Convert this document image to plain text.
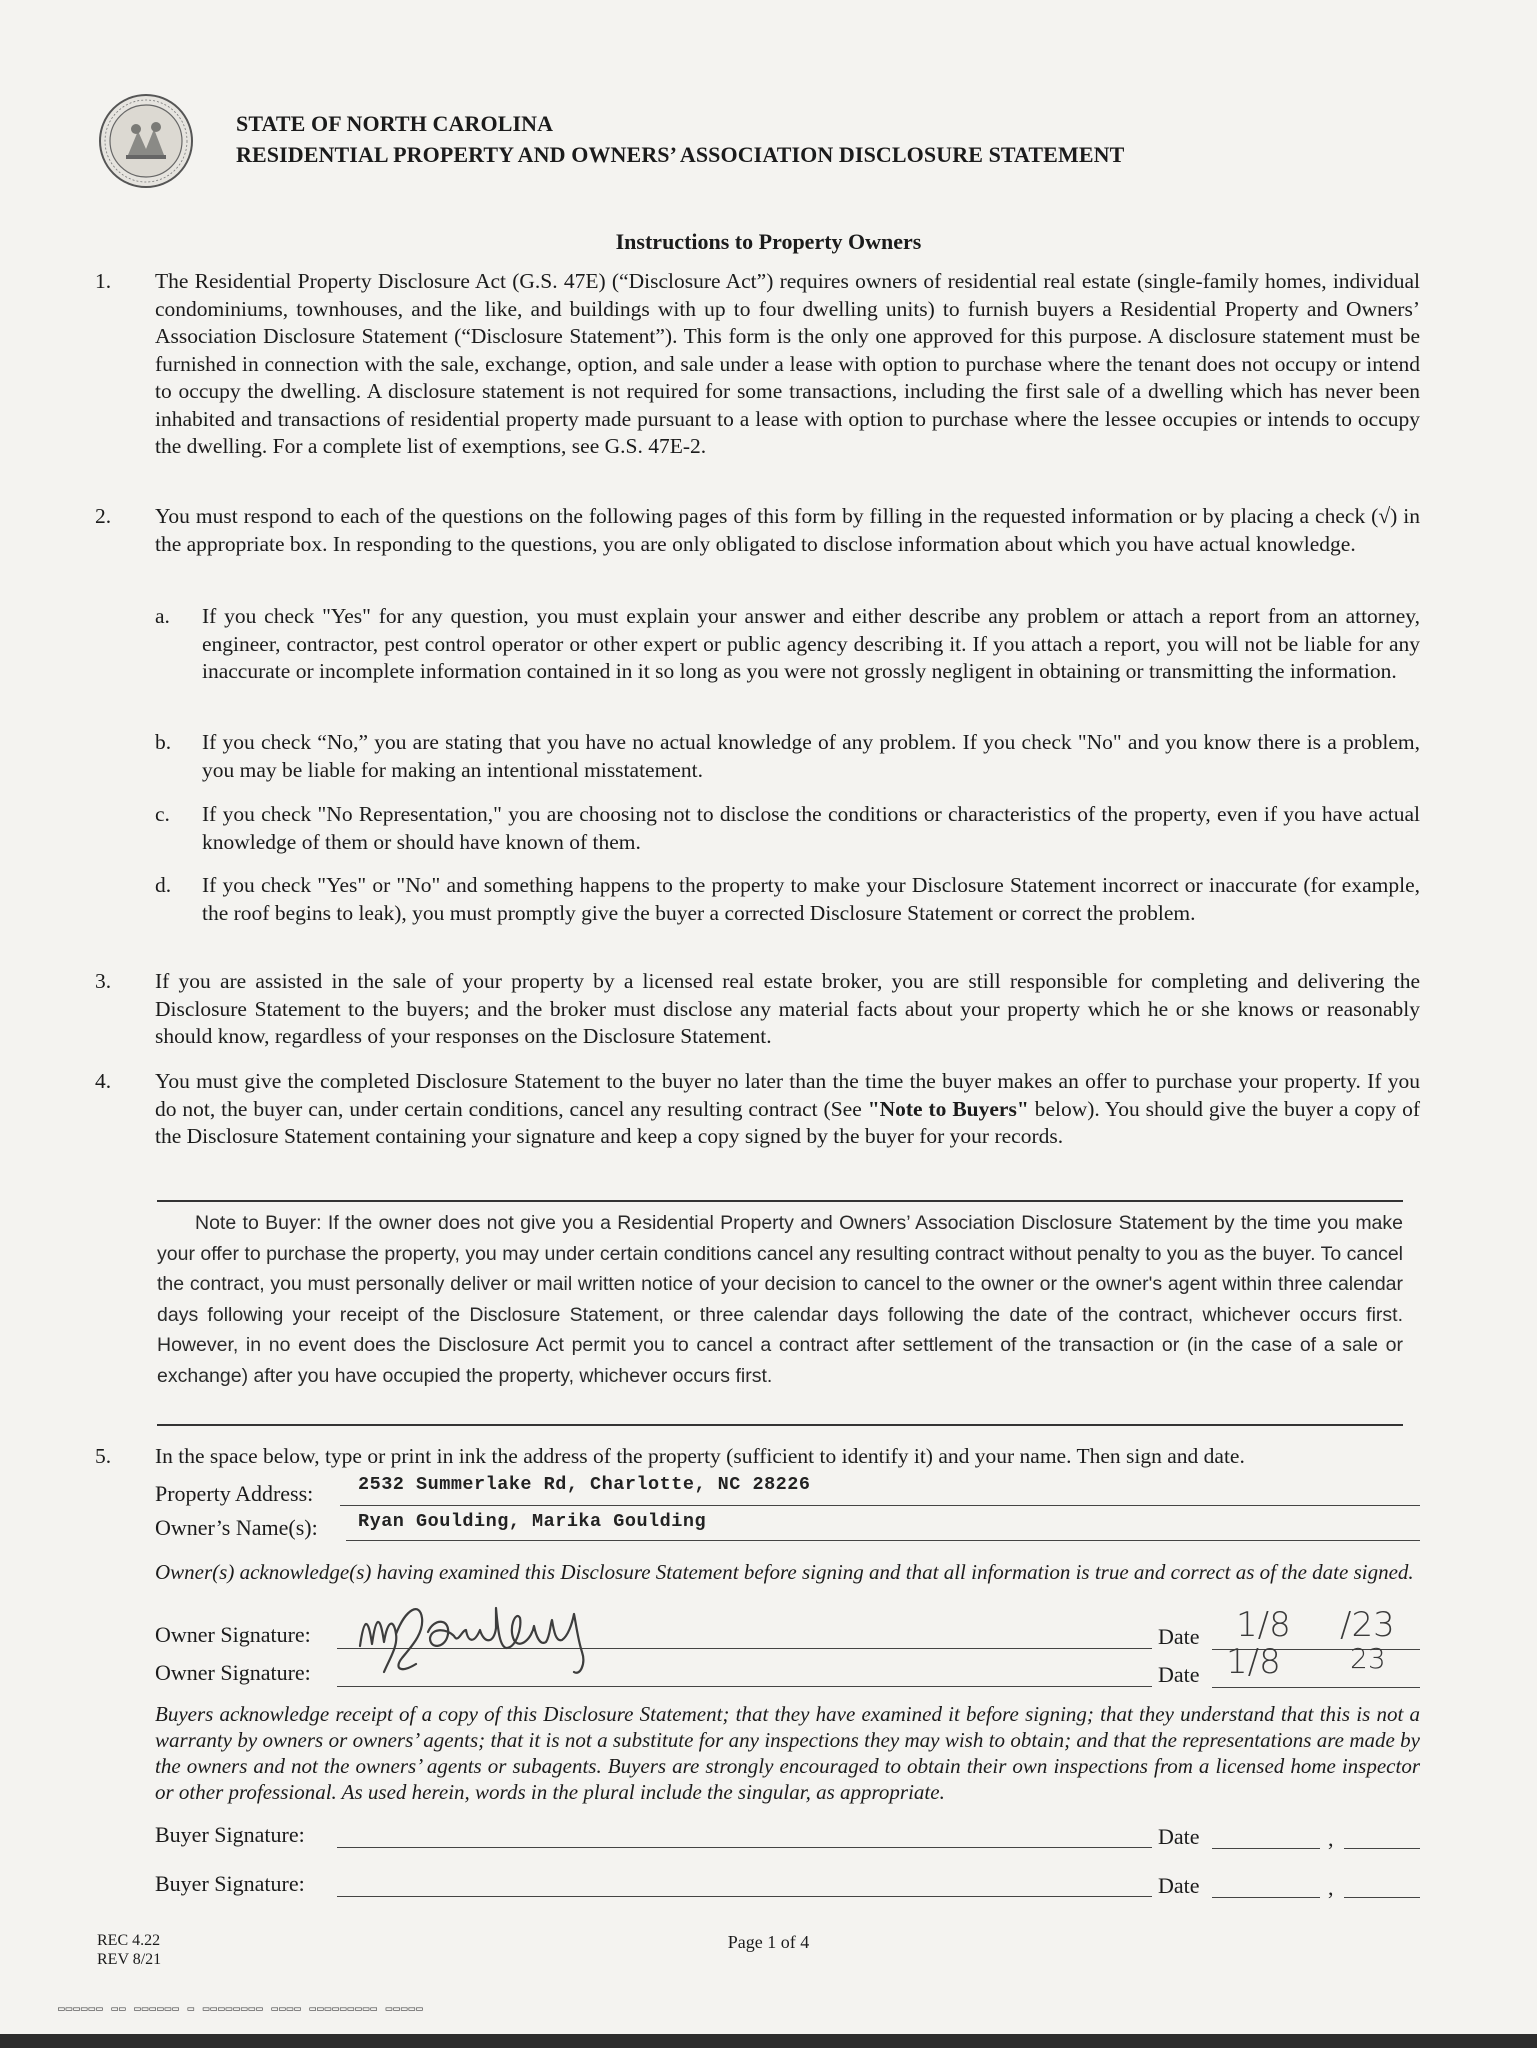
STATE OF NORTH CAROLINA
RESIDENTIAL PROPERTY AND OWNERS’ ASSOCIATION DISCLOSURE STATEMENT
Instructions to Property Owners
1. The Residential Property Disclosure Act (G.S. 47E) (“Disclosure Act”) requires owners of residential real estate (single-family homes, individual condominiums, townhouses, and the like, and buildings with up to four dwelling units) to furnish buyers a Residential Property and Owners’ Association Disclosure Statement (“Disclosure Statement”). This form is the only one approved for this purpose. A disclosure statement must be furnished in connection with the sale, exchange, option, and sale under a lease with option to purchase where the tenant does not occupy or intend to occupy the dwelling. A disclosure statement is not required for some transactions, including the first sale of a dwelling which has never been inhabited and transactions of residential property made pursuant to a lease with option to purchase where the lessee occupies or intends to occupy the dwelling. For a complete list of exemptions, see G.S. 47E-2.
2. You must respond to each of the questions on the following pages of this form by filling in the requested information or by placing a check (√) in the appropriate box. In responding to the questions, you are only obligated to disclose information about which you have actual knowledge.
a. If you check "Yes" for any question, you must explain your answer and either describe any problem or attach a report from an attorney, engineer, contractor, pest control operator or other expert or public agency describing it. If you attach a report, you will not be liable for any inaccurate or incomplete information contained in it so long as you were not grossly negligent in obtaining or transmitting the information.
b. If you check “No,” you are stating that you have no actual knowledge of any problem. If you check "No" and you know there is a problem, you may be liable for making an intentional misstatement.
c. If you check "No Representation," you are choosing not to disclose the conditions or characteristics of the property, even if you have actual knowledge of them or should have known of them.
d. If you check "Yes" or "No" and something happens to the property to make your Disclosure Statement incorrect or inaccurate (for example, the roof begins to leak), you must promptly give the buyer a corrected Disclosure Statement or correct the problem.
3. If you are assisted in the sale of your property by a licensed real estate broker, you are still responsible for completing and delivering the Disclosure Statement to the buyers; and the broker must disclose any material facts about your property which he or she knows or reasonably should know, regardless of your responses on the Disclosure Statement.
4. You must give the completed Disclosure Statement to the buyer no later than the time the buyer makes an offer to purchase your property. If you do not, the buyer can, under certain conditions, cancel any resulting contract (See "Note to Buyers" below). You should give the buyer a copy of the Disclosure Statement containing your signature and keep a copy signed by the buyer for your records.
Note to Buyer: If the owner does not give you a Residential Property and Owners’ Association Disclosure Statement by the time you make your offer to purchase the property, you may under certain conditions cancel any resulting contract without penalty to you as the buyer. To cancel the contract, you must personally deliver or mail written notice of your decision to cancel to the owner or the owner's agent within three calendar days following your receipt of the Disclosure Statement, or three calendar days following the date of the contract, whichever occurs first. However, in no event does the Disclosure Act permit you to cancel a contract after settlement of the transaction or (in the case of a sale or exchange) after you have occupied the property, whichever occurs first.
5. In the space below, type or print in ink the address of the property (sufficient to identify it) and your name. Then sign and date.
Property Address: 2532 Summerlake Rd, Charlotte, NC 28226
Owner’s Name(s): Ryan Goulding, Marika Goulding
Owner(s) acknowledge(s) having examined this Disclosure Statement before signing and that all information is true and correct as of the date signed.
Owner Signature:	Date 1/8 /23
Owner Signature:	Date 1/8 23
Buyers acknowledge receipt of a copy of this Disclosure Statement; that they have examined it before signing; that they understand that this is not a warranty by owners or owners’ agents; that it is not a substitute for any inspections they may wish to obtain; and that the representations are made by the owners and not the owners’ agents or subagents. Buyers are strongly encouraged to obtain their own inspections from a licensed home inspector or other professional. As used herein, words in the plural include the singular, as appropriate.
Buyer Signature:	Date	,
Buyer Signature:	Date	,
REC 4.22
REV 8/21
Page 1 of 4
▭▭▭▭▭▭ ▭▭ ▭▭▭▭▭▭ ▭ ▭▭▭▭▭▭▭▭ ▭▭▭▭ ▭▭▭▭▭▭▭▭▭ ▭▭▭▭▭
